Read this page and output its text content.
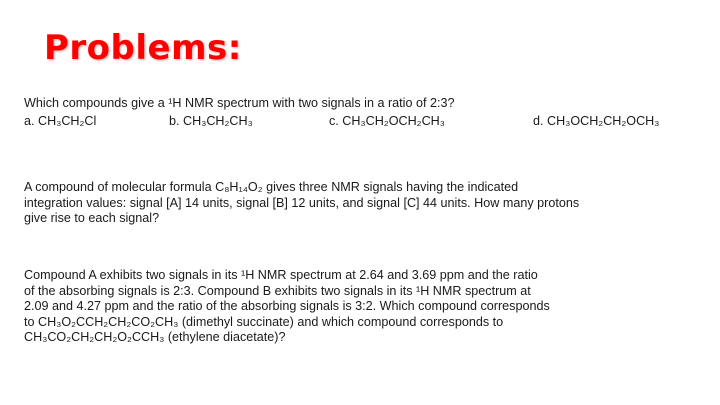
Problems:
Which compounds give a ¹H NMR spectrum with two signals in a ratio of 2:3?
a. CH₃CH₂Cl	b. CH₃CH₂CH₃	c. CH₃CH₂OCH₂CH₃	d. CH₃OCH₂CH₂OCH₃
A compound of molecular formula C₈H₁₄O₂ gives three NMR signals having the indicated
integration values: signal [A] 14 units, signal [B] 12 units, and signal [C] 44 units. How many protons
give rise to each signal?
Compound A exhibits two signals in its ¹H NMR spectrum at 2.64 and 3.69 ppm and the ratio
of the absorbing signals is 2:3. Compound B exhibits two signals in its ¹H NMR spectrum at
2.09 and 4.27 ppm and the ratio of the absorbing signals is 3:2. Which compound corresponds
to CH₃O₂CCH₂CH₂CO₂CH₃ (dimethyl succinate) and which compound corresponds to
CH₃CO₂CH₂CH₂O₂CCH₃ (ethylene diacetate)?
